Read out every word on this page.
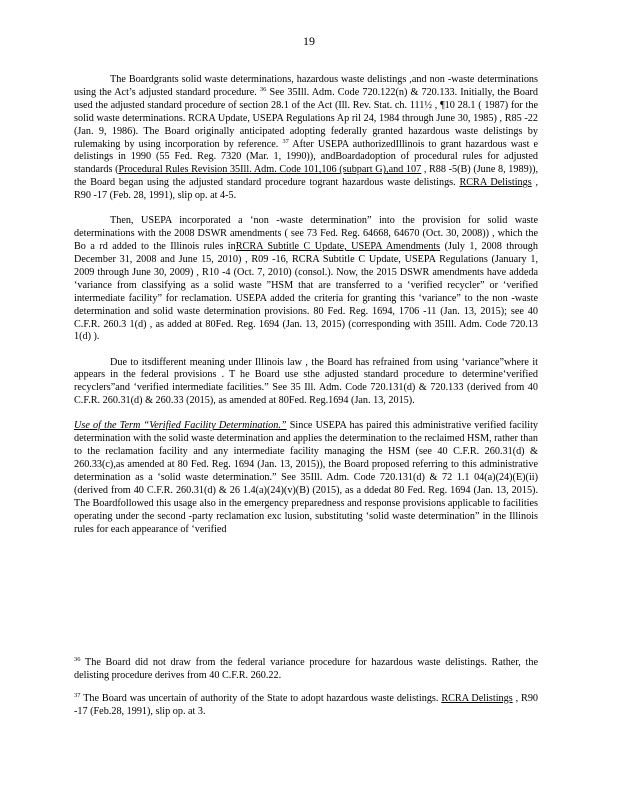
19

The Boardgrants solid waste determinations, hazardous waste delistings ,and non -waste determinations using the Act’s adjusted standard procedure. $^{36}$ See 35Ill. Adm. Code 720.122(n) & 720.133. Initially, the Board used the adjusted standard procedure of section 28.1 of the Act (Ill. Rev. Stat. ch. 111½ , ¶10 28.1 ( 1987) for the solid waste determinations. RCRA Update, USEPA Regulations Ap ril 24, 1984 through June 30, 1985) , R85 -22 (Jan. 9, 1986). The Board originally anticipated adopting federally granted hazardous waste delistings by rulemaking by using incorporation by reference. $^{37}$ After USEPA authorizedIllinois to grant hazardous wast e delistings in 1990 (55 Fed. Reg. 7320 (Mar. 1, 1990)), andBoardadoption of procedural rules for adjusted standards (Procedural Rules Revision 35Ill. Adm. Code 101,106 (subpart G),and 107 , R88 -5(B) (June 8, 1989)), the Board began using the adjusted standard procedure togrant hazardous waste delistings. RCRA Delistings , R90 -17 (Feb. 28, 1991), slip op. at 4-5.

Then, USEPA incorporated a ‘non -waste determination” into the provision for solid waste determinations with the 2008 DSWR amendments ( see 73 Fed. Reg. 64668, 64670 (Oct. 30, 2008)) , which the Bo a rd added to the Illinois rules inRCRA Subtitle C Update, USEPA Amendments (July 1, 2008 through December 31, 2008 and June 15, 2010) , R09 -16, RCRA Subtitle C Update, USEPA Regulations (January 1, 2009 through June 30, 2009) , R10 -4 (Oct. 7, 2010) (consol.). Now, the 2015 DSWR amendments have addeda ‘variance from classifying as a solid waste ”HSM that are transferred to a ‘verified recycler” or ‘verified intermediate facility” for reclamation. USEPA added the criteria for granting this ‘variance” to the non -waste determination and solid waste determination provisions. 80 Fed. Reg. 1694, 1706 -11 (Jan. 13, 2015); see 40 C.F.R. 260.3 1(d) , as added at 80Fed. Reg. 1694 (Jan. 13, 2015) (corresponding with 35Ill. Adm. Code 720.13 1(d) ).

Due to itsdifferent meaning under Illinois law , the Board has refrained from using ‘variance”where it appears in the federal provisions . T he Board use sthe adjusted standard procedure to determine‘verified recyclers”and ‘verified intermediate facilities.” See 35 Ill. Adm. Code 720.131(d) & 720.133 (derived from 40 C.F.R. 260.31(d) & 260.33 (2015), as amended at 80Fed. Reg.1694 (Jan. 13, 2015).

Use of the Term “Verified Facility Determination.” Since USEPA has paired this administrative verified facility determination with the solid waste determination and applies the determination to the reclaimed HSM, rather than to the reclamation facility and any intermediate facility managing the HSM (see 40 C.F.R. 260.31(d) & 260.33(c),as amended at 80 Fed. Reg. 1694 (Jan. 13, 2015)), the Board proposed referring to this administrative determination as a ‘solid waste determination.” See 35Ill. Adm. Code 720.131(d) & 72 1.1 04(a)(24)(E)(ii) (derived from 40 C.F.R. 260.31(d) & 26 1.4(a)(24)(v)(B) (2015), as a ddedat 80 Fed. Reg. 1694 (Jan. 13, 2015). The Boardfollowed this usage also in the emergency preparedness and response provisions applicable to facilities operating under the second -party reclamation exc lusion, substituting ‘solid waste determination” in the Illinois rules for each appearance of ‘verified

$^{36}$ The Board did not draw from the federal variance procedure for hazardous waste delistings. Rather, the delisting procedure derives from 40 C.F.R. 260.22.

$^{37}$ The Board was uncertain of authority of the State to adopt hazardous waste delistings. RCRA Delistings , R90 -17 (Feb.28, 1991), slip op. at 3.
